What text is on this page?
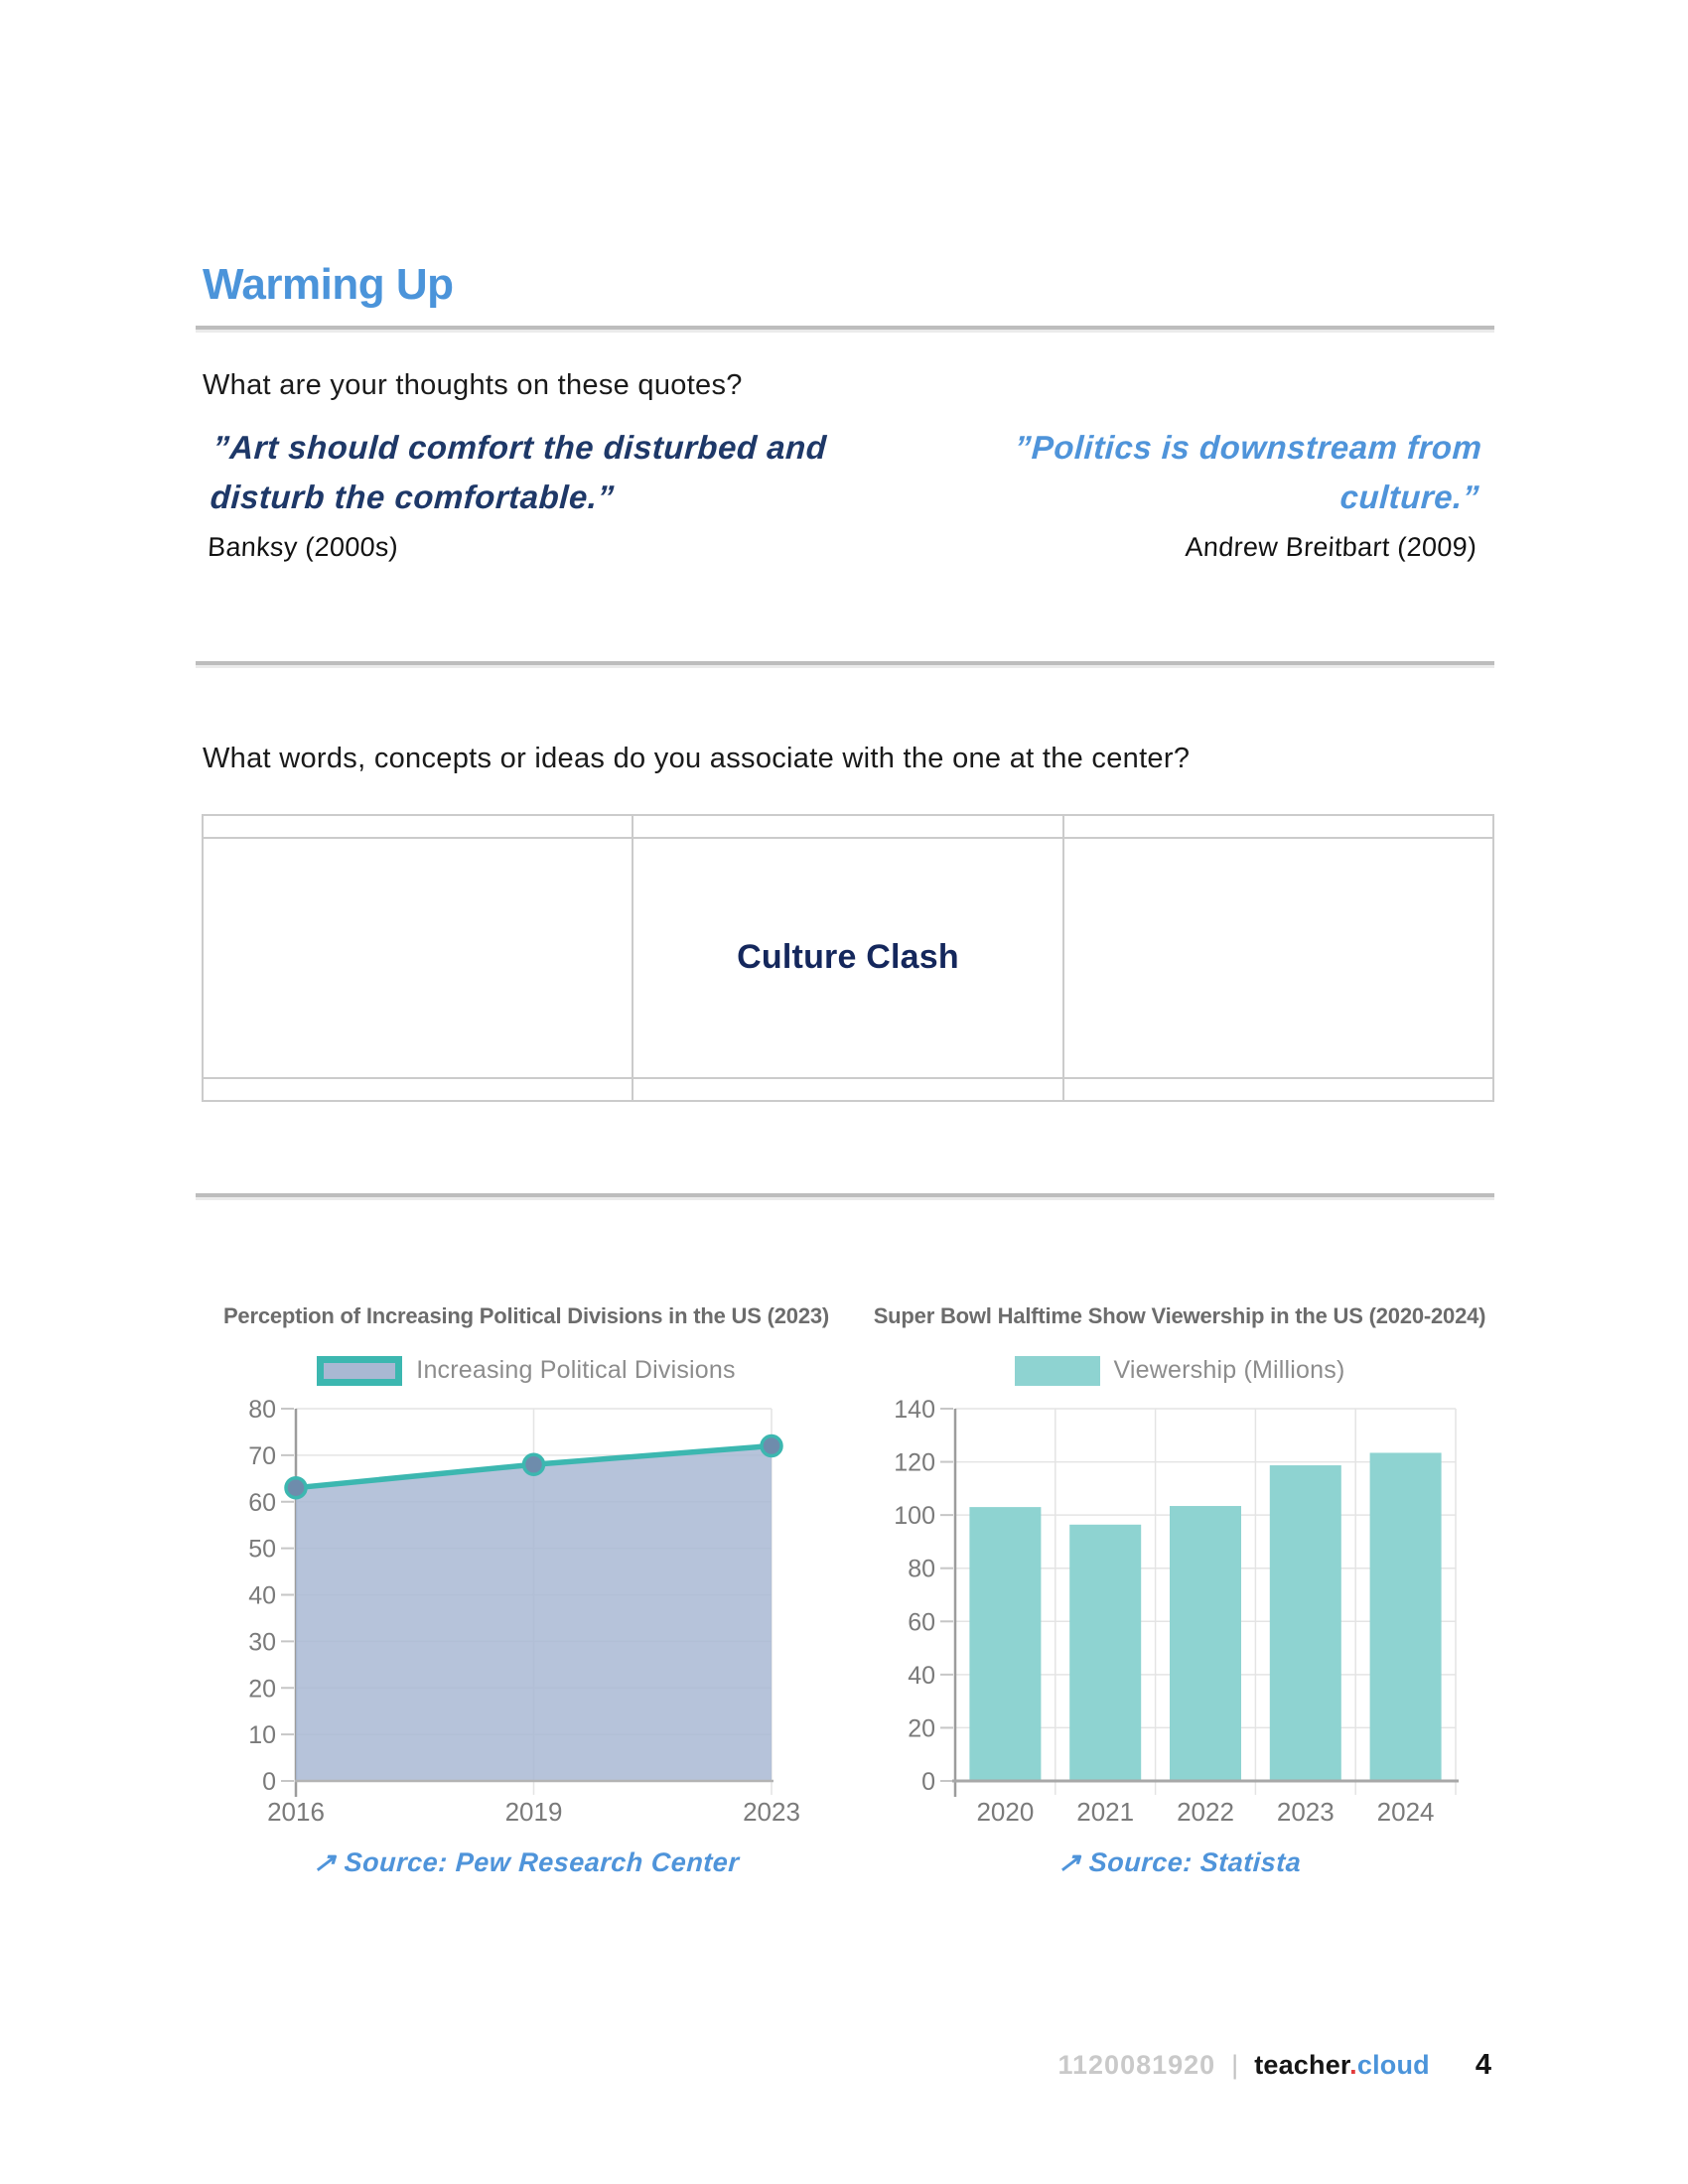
Warming Up
What are your thoughts on these quotes?
”Art should comfort the disturbed and
disturb the comfortable.”
Banksy (2000s)
”Politics is downstream from
culture.”
Andrew Breitbart (2009)
What words, concepts or ideas do you associate with the one at the center?

	Culture Clash	

Perception of Increasing Political Divisions in the US (2023)
Increasing Political Divisions
0
10
20
30
40
50
60
70
80
2016	2019	2023
↗ Source: Pew Research Center
Super Bowl Halftime Show Viewership in the US (2020-2024)
Viewership (Millions)
0
20
40
60
80
100
120
140
2020 2021 2022 2023 2024
↗ Source: Statista
1120081920 | teacher.cloud 4
